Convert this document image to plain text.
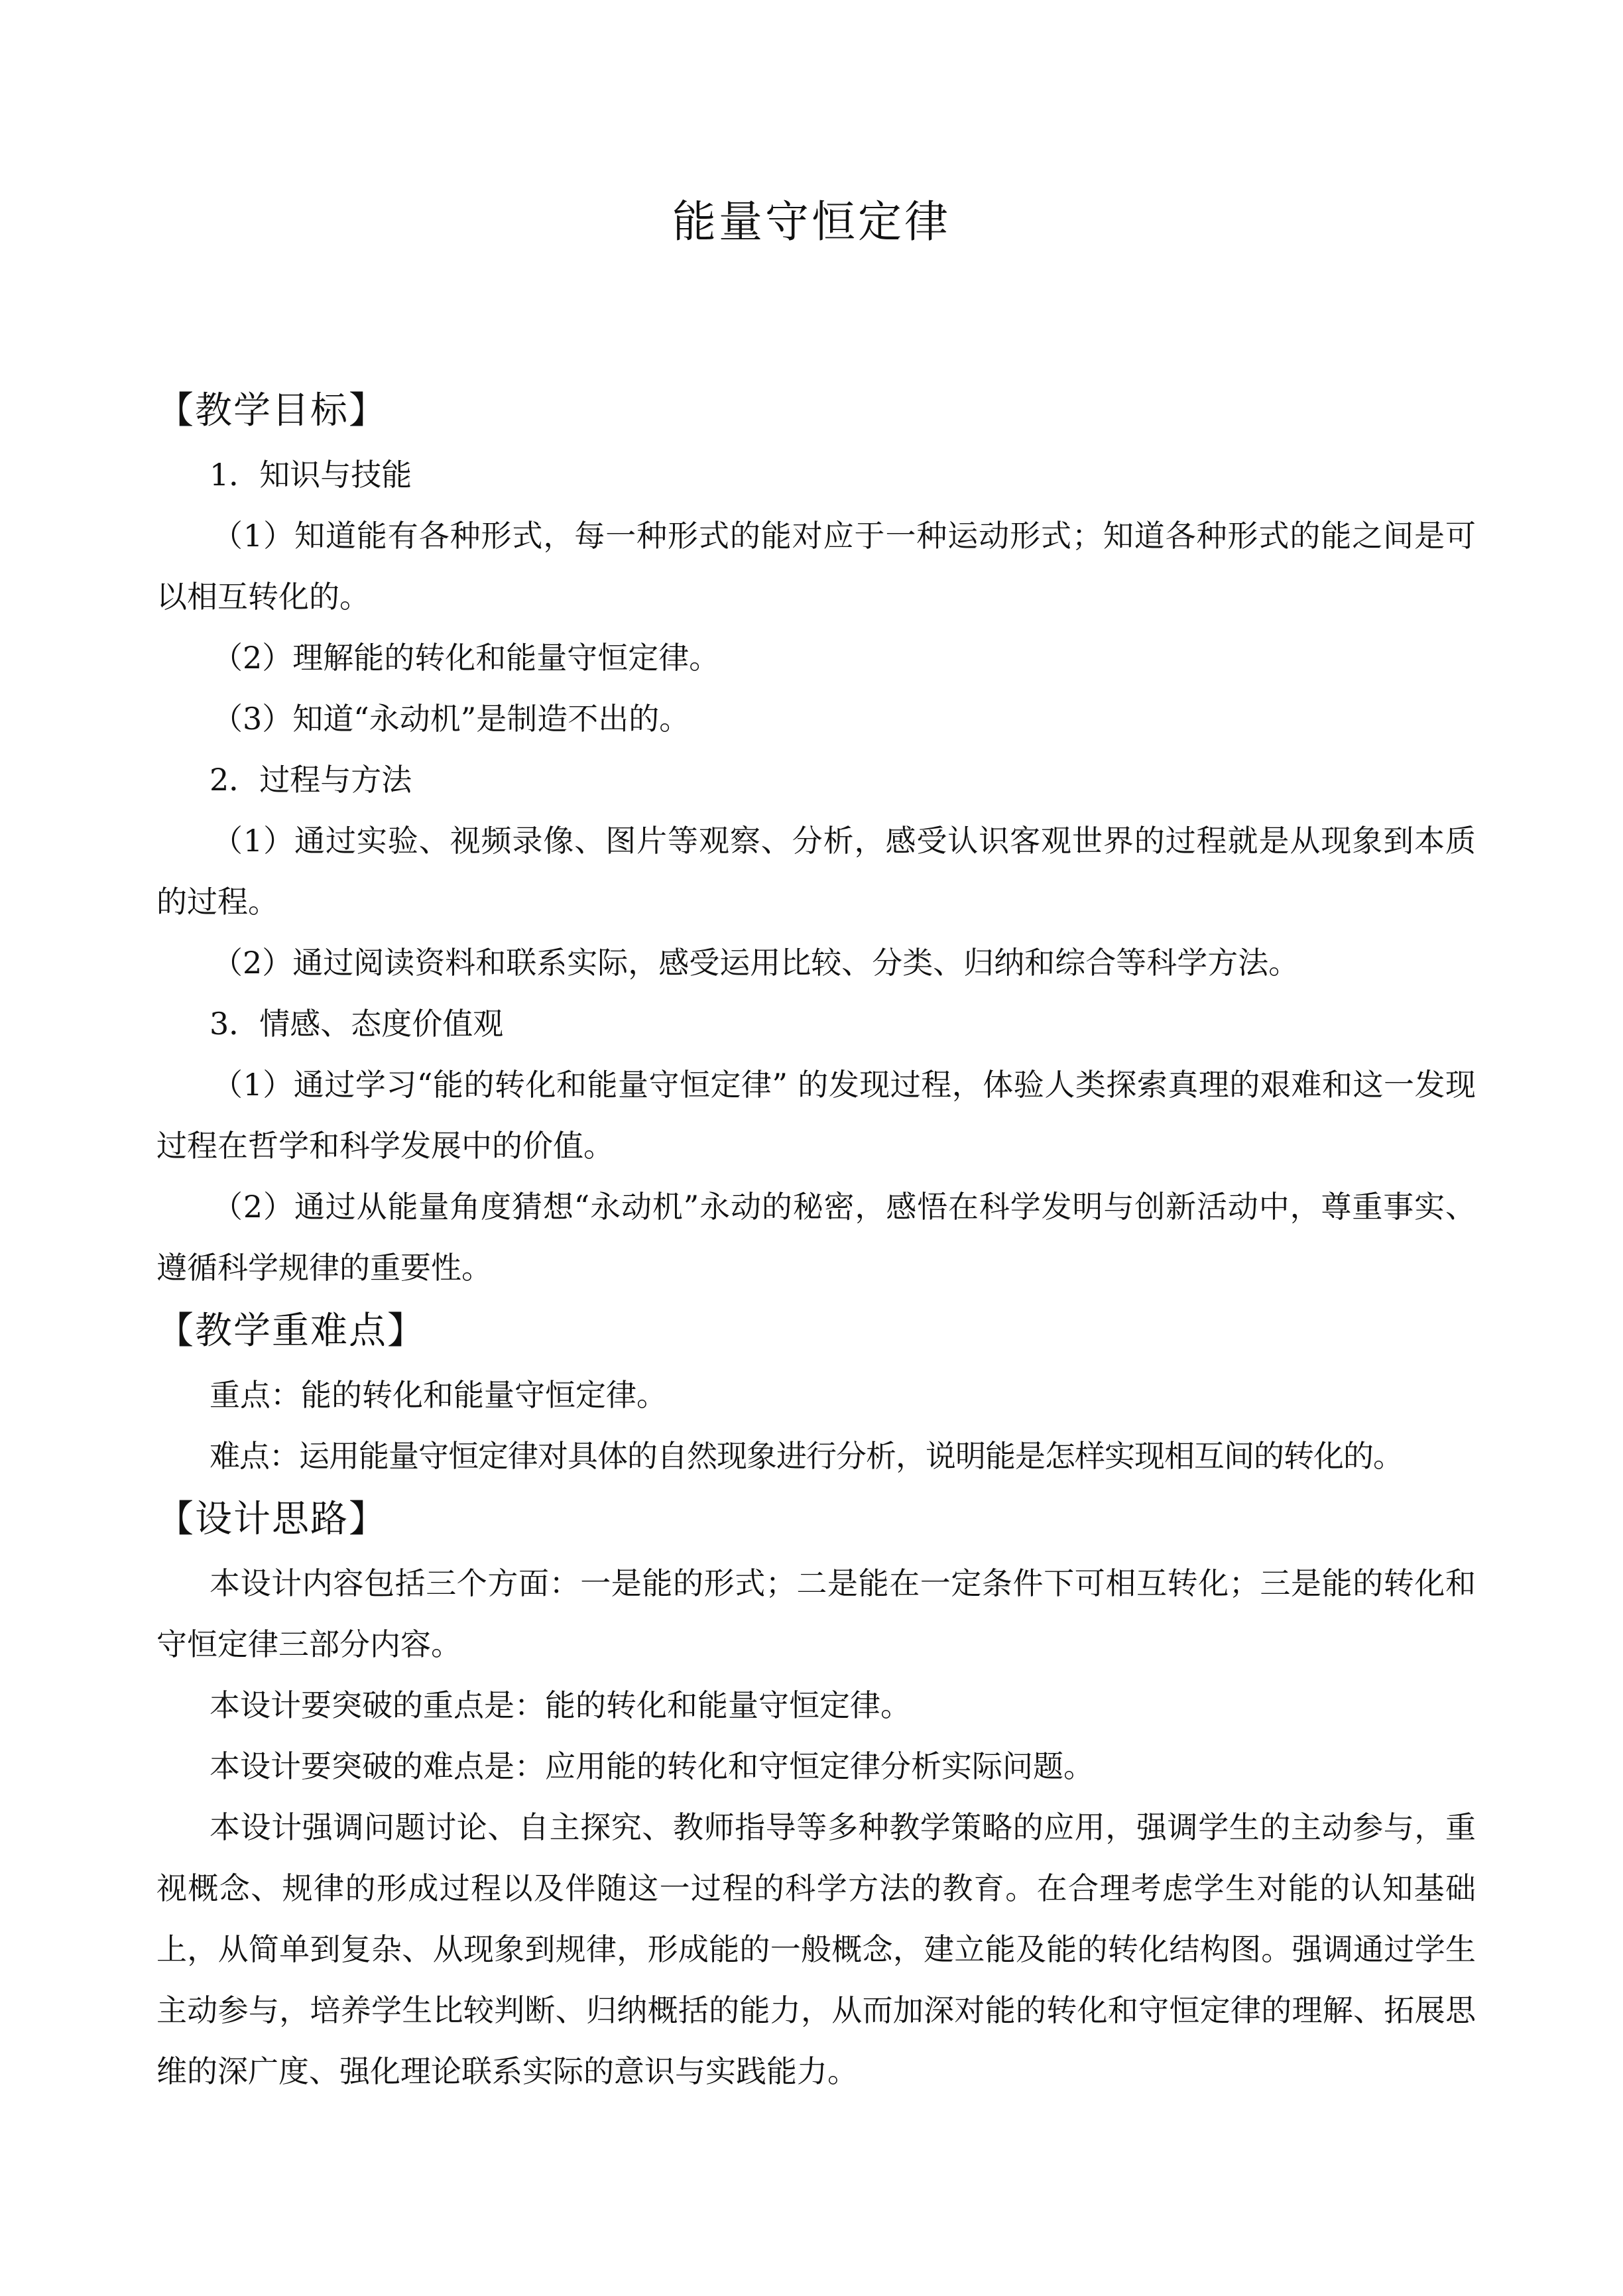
能量守恒定律
【教学目标】
1．知识与技能

（1）知道能有各种形式，每一种形式的能对应于一种运动形式；知道各种形式的能之间是可以相互转化的。

（2）理解能的转化和能量守恒定律。

（3）知道“永动机”是制造不出的。

2．过程与方法

（1）通过实验、视频录像、图片等观察、分析，感受认识客观世界的过程就是从现象到本质的过程。

（2）通过阅读资料和联系实际，感受运用比较、分类、归纳和综合等科学方法。

3．情感、态度价值观

（1）通过学习“能的转化和能量守恒定律” 的发现过程，体验人类探索真理的艰难和这一发现过程在哲学和科学发展中的价值。

（2）通过从能量角度猜想“永动机”永动的秘密，感悟在科学发明与创新活动中，尊重事实、遵循科学规律的重要性。

【教学重难点】

重点：能的转化和能量守恒定律。

难点：运用能量守恒定律对具体的自然现象进行分析，说明能是怎样实现相互间的转化的。

【设计思路】

本设计内容包括三个方面：一是能的形式；二是能在一定条件下可相互转化；三是能的转化和守恒定律三部分内容。

本设计要突破的重点是：能的转化和能量守恒定律。

本设计要突破的难点是：应用能的转化和守恒定律分析实际问题。

本设计强调问题讨论、自主探究、教师指导等多种教学策略的应用，强调学生的主动参与，重视概念、规律的形成过程以及伴随这一过程的科学方法的教育。在合理考虑学生对能的认知基础上，从简单到复杂、从现象到规律，形成能的一般概念，建立能及能的转化结构图。强调通过学生主动参与，培养学生比较判断、归纳概括的能力，从而加深对能的转化和守恒定律的理解、拓展思维的深广度、强化理论联系实际的意识与实践能力。
